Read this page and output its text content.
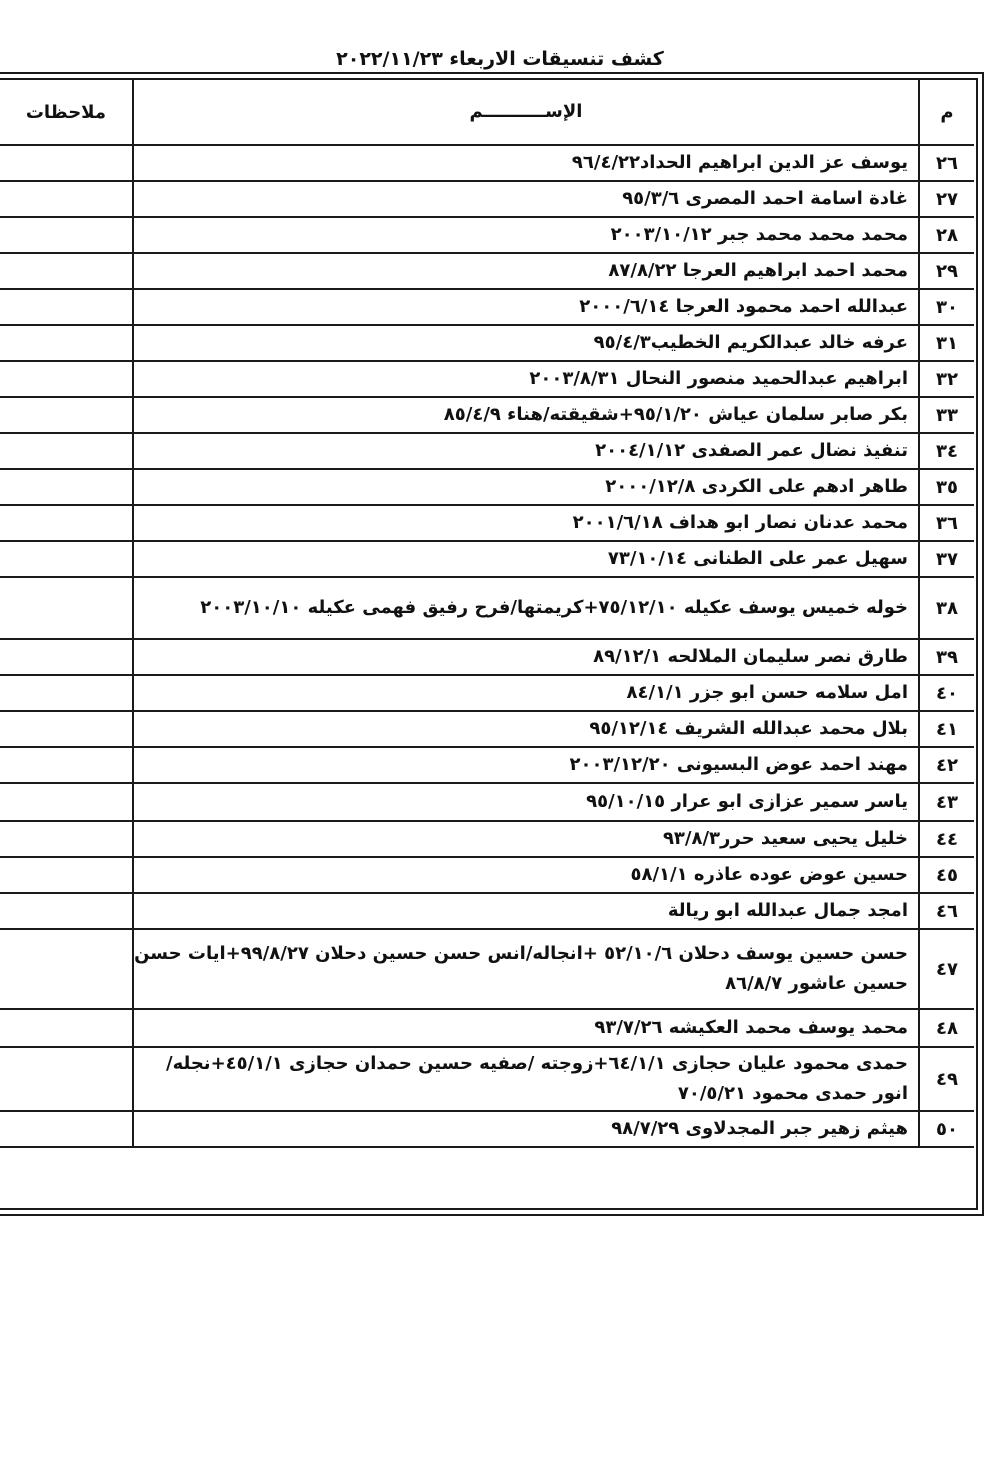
كشف تنسيقات الاربعاء ٢٠٢٢/١١/٢٣
م
الإســــــــــم
ملاحظات
٢٦
يوسف عز الدين ابراهيم الحداد٩٦/٤/٢٢
٢٧
غادة اسامة احمد المصرى ٩٥/٣/٦
٢٨
محمد محمد محمد جبر ٢٠٠٣/١٠/١٢
٢٩
محمد احمد ابراهيم العرجا ٨٧/٨/٢٢
٣٠
عبدالله احمد محمود العرجا ٢٠٠٠/٦/١٤
٣١
عرفه خالد عبدالكريم الخطيب٩٥/٤/٣
٣٢
ابراهيم عبدالحميد منصور النحال ٢٠٠٣/٨/٣١
٣٣
بكر صابر سلمان عياش ٩٥/١/٢٠+شقيقته/هناء ٨٥/٤/٩
٣٤
تنفيذ نضال عمر الصفدى ٢٠٠٤/١/١٢
٣٥
طاهر ادهم على الكردى ٢٠٠٠/١٢/٨
٣٦
محمد عدنان نصار ابو هداف ٢٠٠١/٦/١٨
٣٧
سهيل عمر على الطنانى ٧٣/١٠/١٤
٣٨
خوله خميس يوسف عكيله ٧٥/١٢/١٠+كريمتها/فرح رفيق فهمى عكيله ٢٠٠٣/١٠/١٠
٣٩
طارق نصر سليمان الملالحه ٨٩/١٢/١
٤٠
امل سلامه حسن ابو جزر ٨٤/١/١
٤١
بلال محمد عبدالله الشريف ٩٥/١٢/١٤
٤٢
مهند احمد عوض البسيونى ٢٠٠٣/١٢/٢٠
٤٣
ياسر سمير عزازى ابو عرار ٩٥/١٠/١٥
٤٤
خليل يحيى سعيد حرر٩٣/٨/٣
٤٥
حسين عوض عوده عاذره ٥٨/١/١
٤٦
امجد جمال عبدالله ابو ريالة
٤٧
حسن حسين يوسف دحلان ٥٢/١٠/٦ +انجاله/انس حسن حسين دحلان ٩٩/٨/٢٧+ايات حسن حسين عاشور ٨٦/٨/٧
٤٨
محمد يوسف محمد العكيشه ٩٣/٧/٢٦
٤٩
حمدى محمود عليان حجازى ٦٤/١/١+زوجته /صفيه حسين حمدان حجازى ٤٥/١/١+نجله/انور حمدى محمود ٧٠/٥/٢١
٥٠
هيثم زهير جبر المجدلاوى ٩٨/٧/٢٩
